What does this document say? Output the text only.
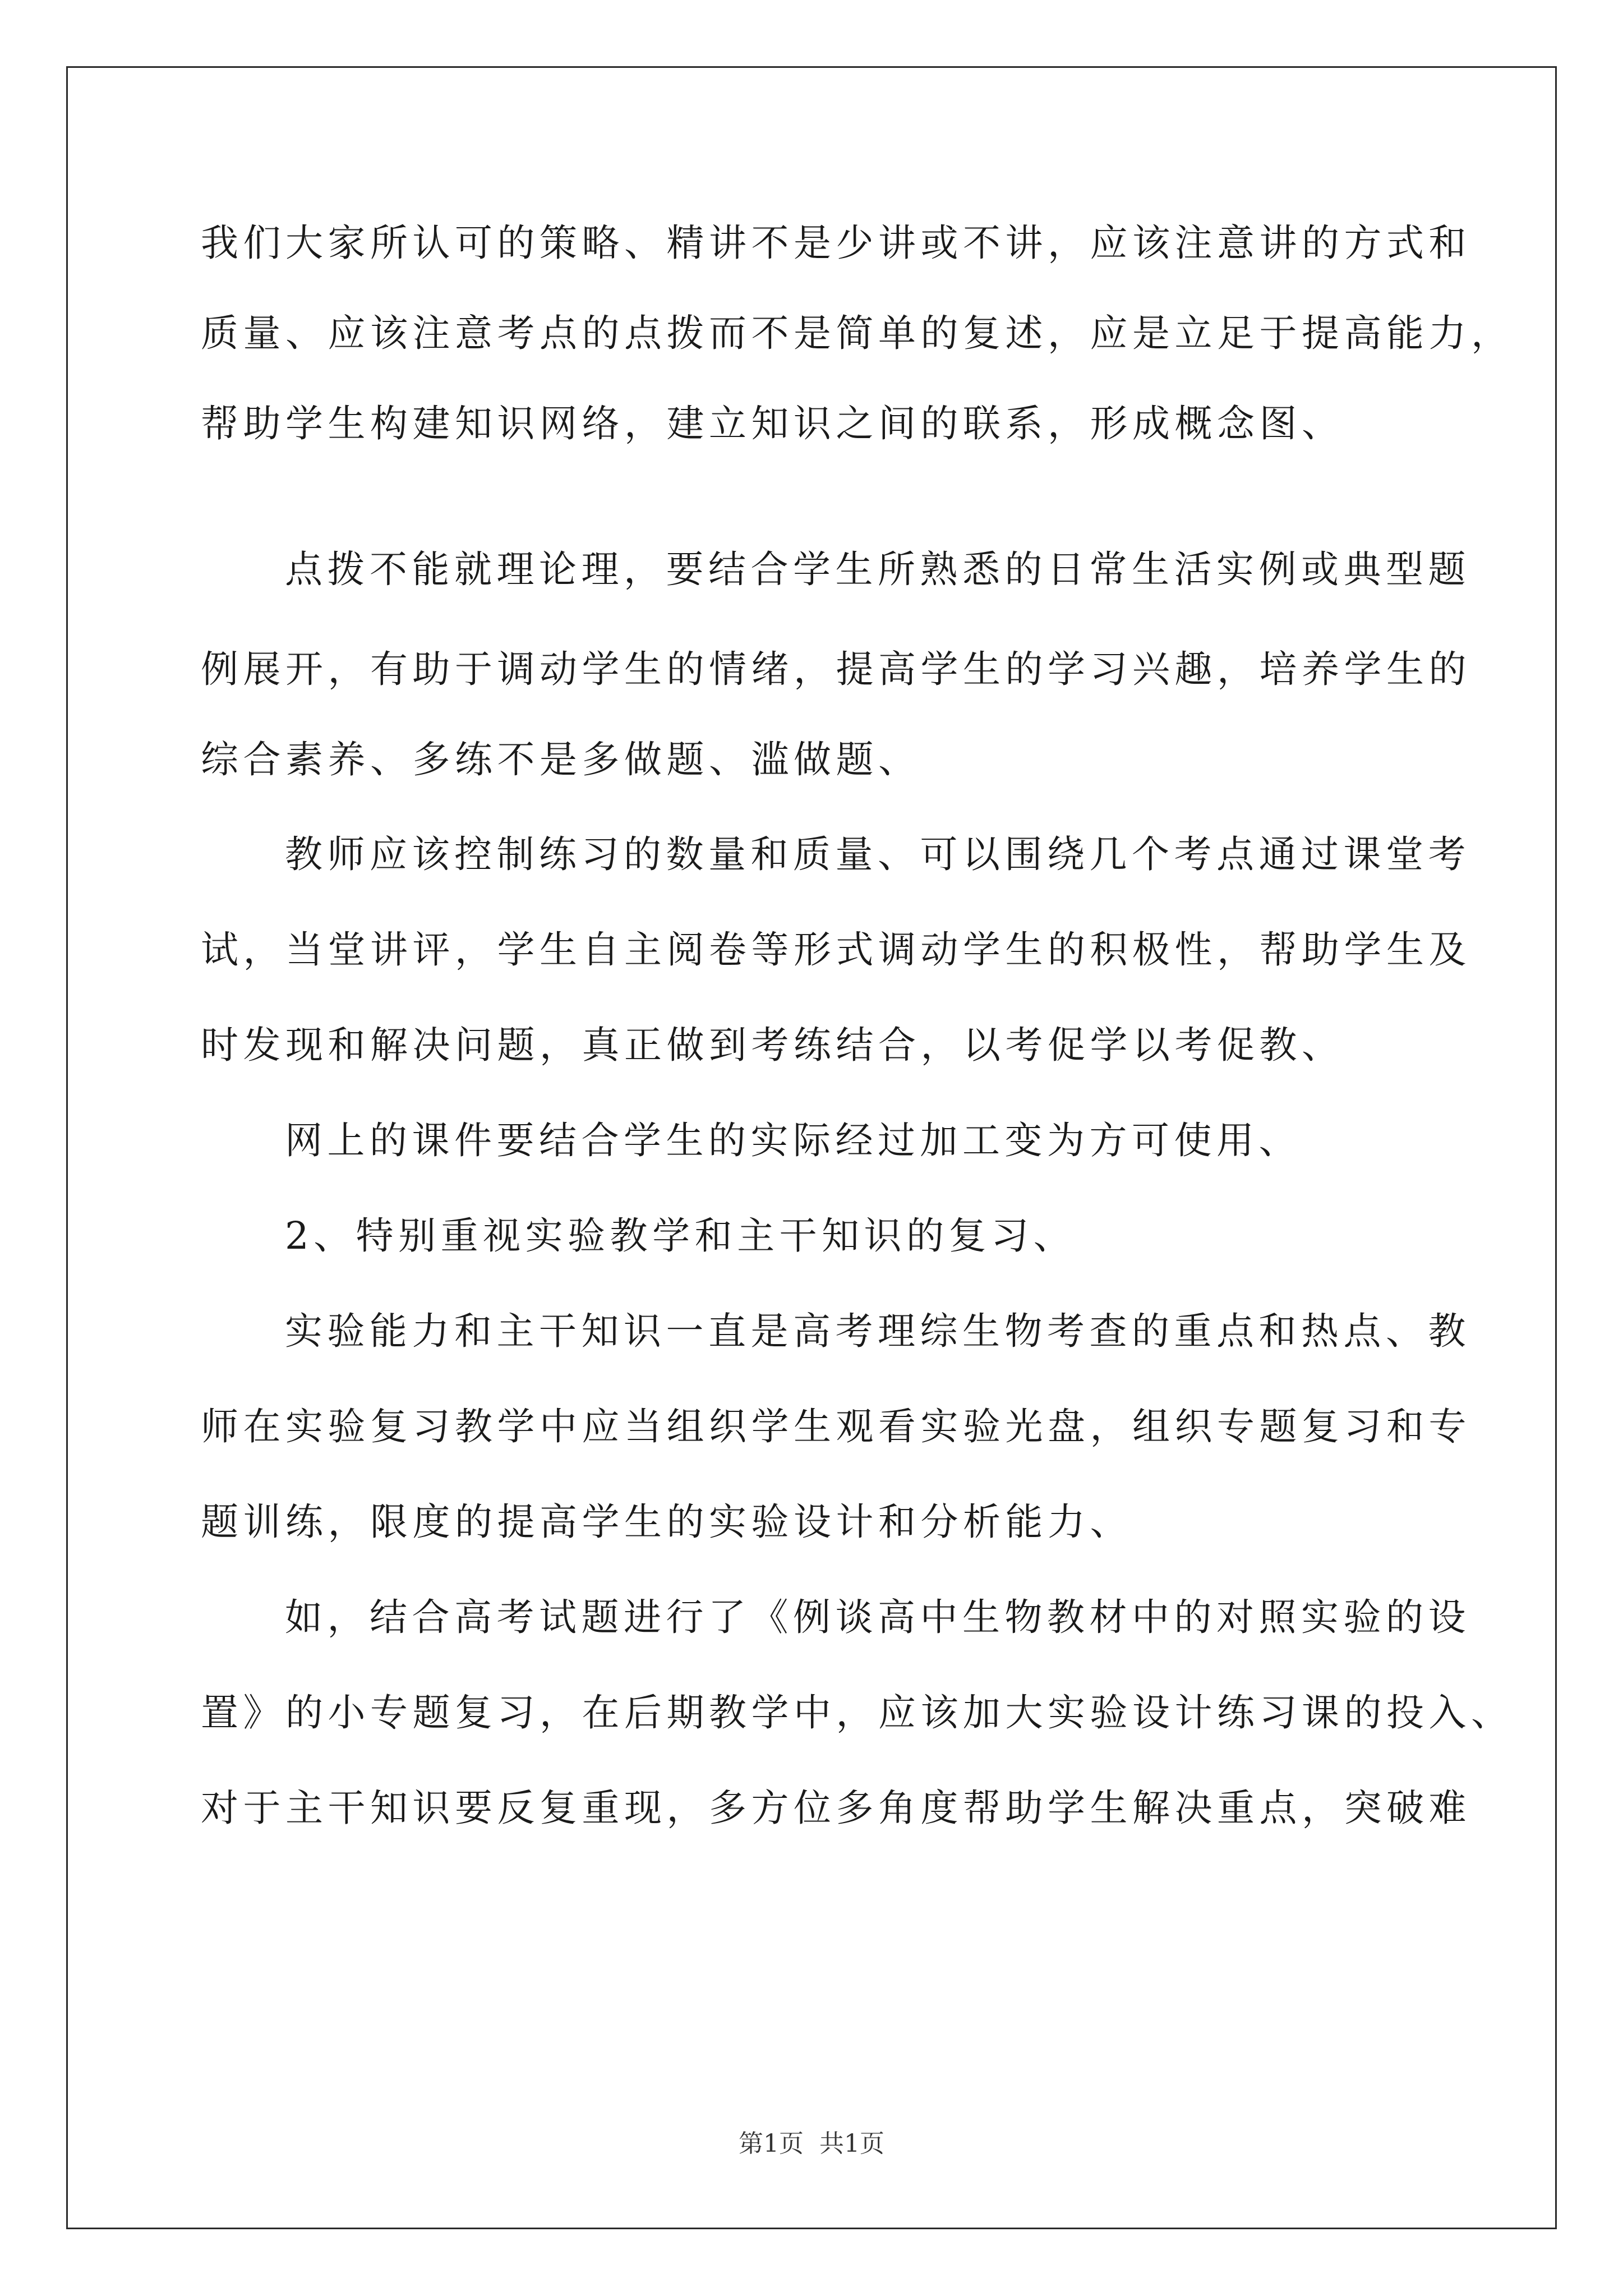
我们大家所认可的策略、精讲不是少讲或不讲，应该注意讲的方式和
质量、应该注意考点的点拨而不是简单的复述，应是立足于提高能力，
帮助学生构建知识网络，建立知识之间的联系，形成概念图、
点拨不能就理论理，要结合学生所熟悉的日常生活实例或典型题
例展开，有助于调动学生的情绪，提高学生的学习兴趣，培养学生的
综合素养、多练不是多做题、滥做题、
教师应该控制练习的数量和质量、可以围绕几个考点通过课堂考
试，当堂讲评，学生自主阅卷等形式调动学生的积极性，帮助学生及
时发现和解决问题，真正做到考练结合，以考促学以考促教、
网上的课件要结合学生的实际经过加工变为方可使用、
2、特别重视实验教学和主干知识的复习、
实验能力和主干知识一直是高考理综生物考查的重点和热点、教
师在实验复习教学中应当组织学生观看实验光盘，组织专题复习和专
题训练，限度的提高学生的实验设计和分析能力、
如，结合高考试题进行了《例谈高中生物教材中的对照实验的设
置》的小专题复习，在后期教学中，应该加大实验设计练习课的投入、
对于主干知识要反复重现，多方位多角度帮助学生解决重点，突破难
第1页 共1页
